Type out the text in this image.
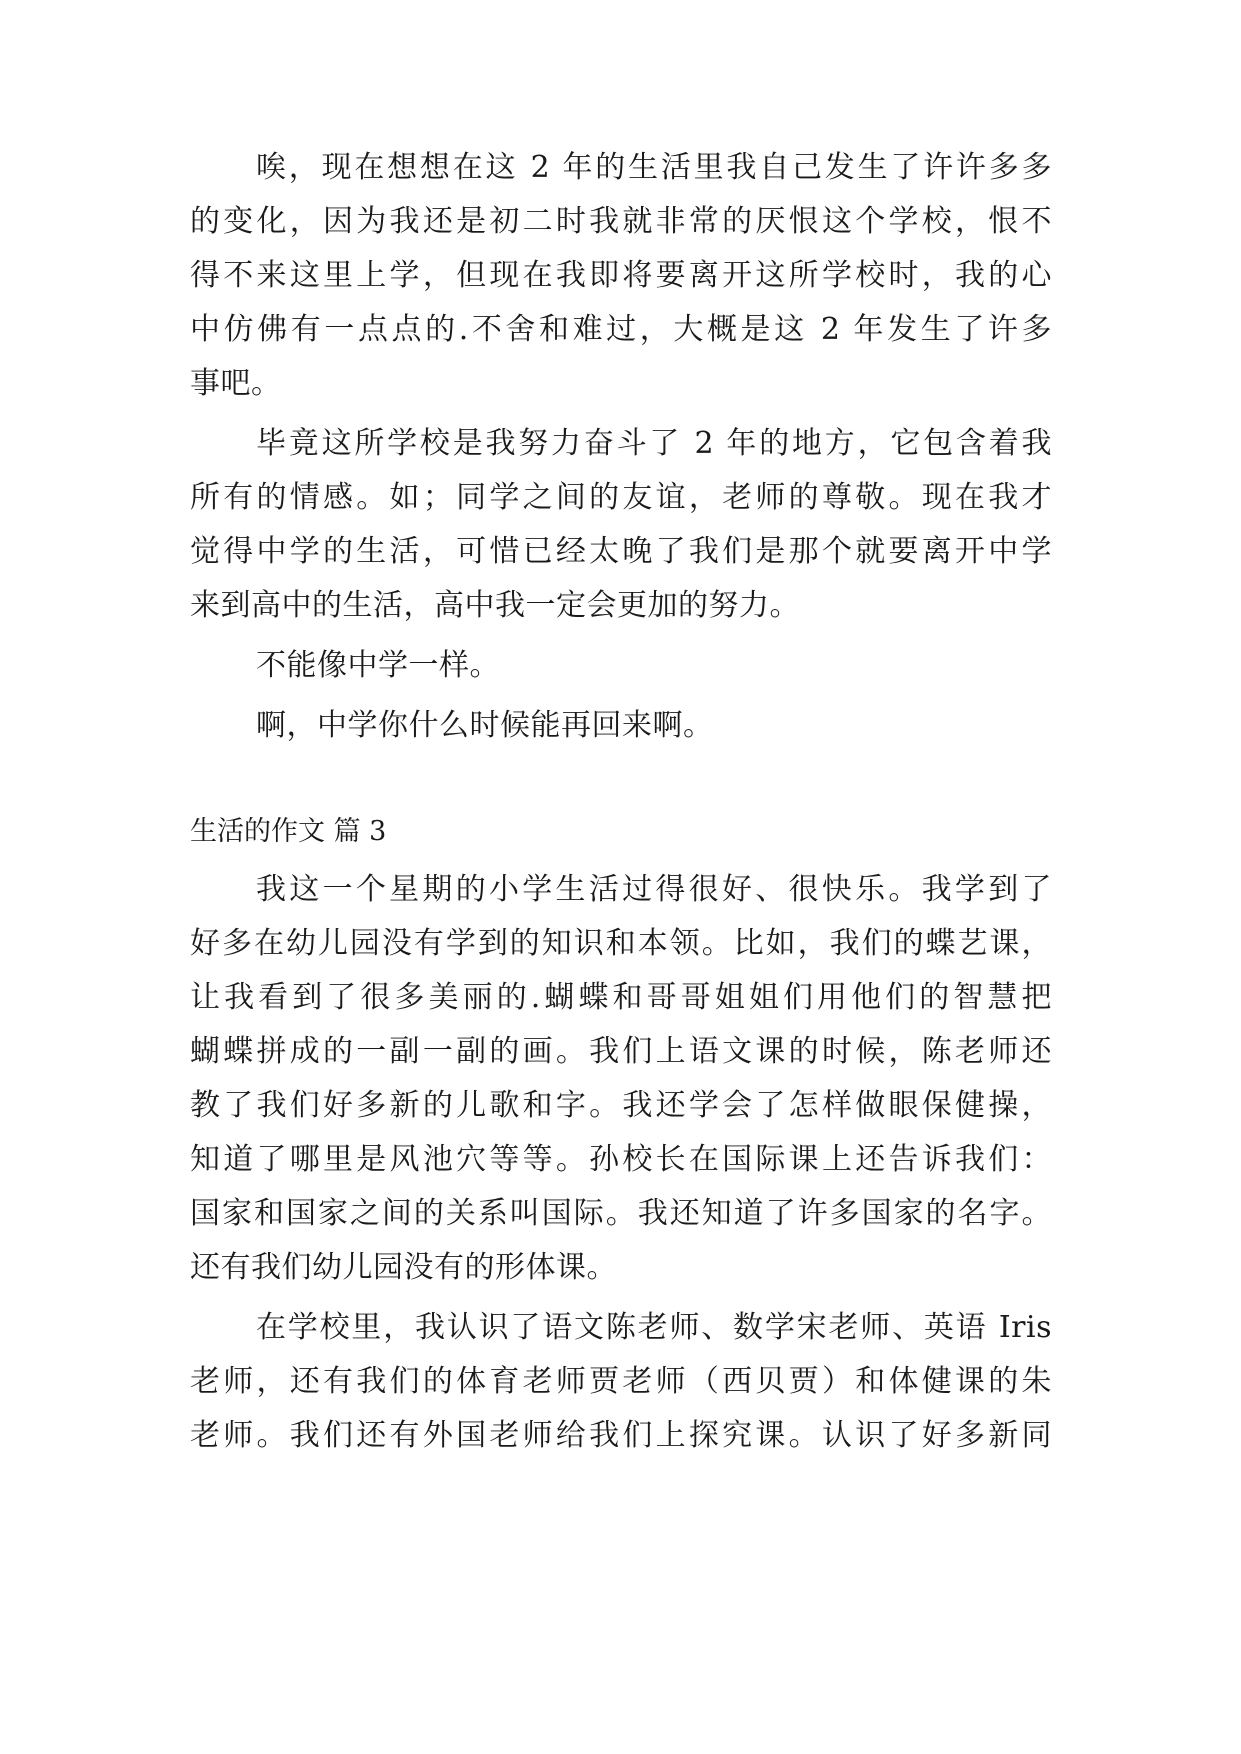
唉，现在想想在这 2 年的生活里我自己发生了许许多多
的变化，因为我还是初二时我就非常的厌恨这个学校，恨不
得不来这里上学，但现在我即将要离开这所学校时，我的心
中仿佛有一点点的.不舍和难过，大概是这 2 年发生了许多
事吧。
毕竟这所学校是我努力奋斗了 2 年的地方，它包含着我
所有的情感。如；同学之间的友谊，老师的尊敬。现在我才
觉得中学的生活，可惜已经太晚了我们是那个就要离开中学
来到高中的生活，高中我一定会更加的努力。
不能像中学一样。
啊，中学你什么时候能再回来啊。
生活的作文 篇 3
我这一个星期的小学生活过得很好、很快乐。我学到了
好多在幼儿园没有学到的知识和本领。比如，我们的蝶艺课，
让我看到了很多美丽的.蝴蝶和哥哥姐姐们用他们的智慧把
蝴蝶拼成的一副一副的画。我们上语文课的时候，陈老师还
教了我们好多新的儿歌和字。我还学会了怎样做眼保健操，
知道了哪里是风池穴等等。孙校长在国际课上还告诉我们：
国家和国家之间的关系叫国际。我还知道了许多国家的名字。
还有我们幼儿园没有的形体课。
在学校里，我认识了语文陈老师、数学宋老师、英语 Iris
老师，还有我们的体育老师贾老师（西贝贾）和体健课的朱
老师。我们还有外国老师给我们上探究课。认识了好多新同
